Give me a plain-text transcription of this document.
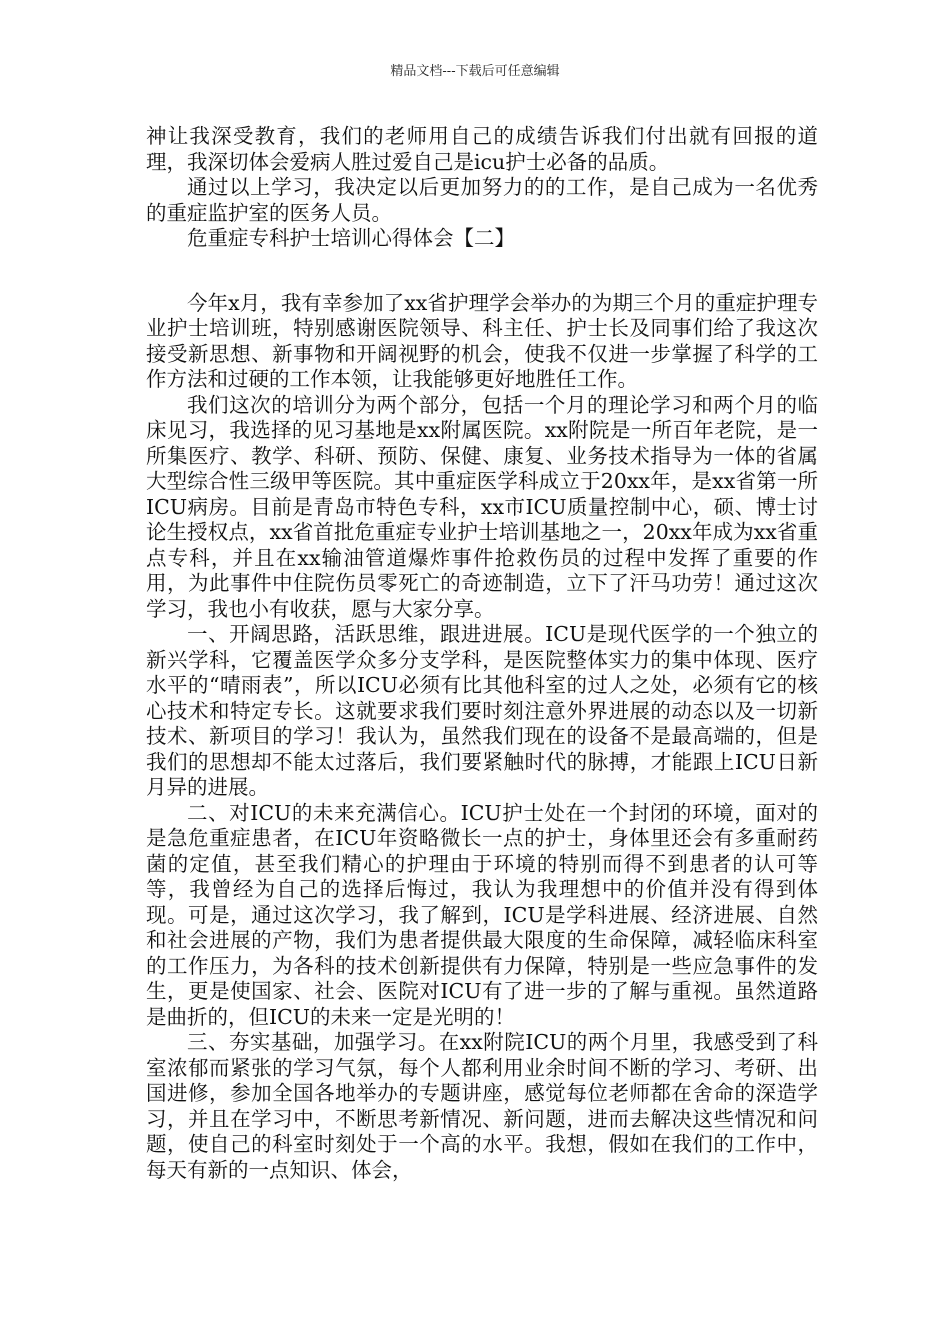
精品文档---下载后可任意编辑

神让我深受教育，我们的老师用自己的成绩告诉我们付出就有回报的道理，我深切体会爱病人胜过爱自己是icu护士必备的品质。

通过以上学习，我决定以后更加努力的的工作，是自己成为一名优秀的重症监护室的医务人员。

危重症专科护士培训心得体会【二】

今年x月，我有幸参加了xx省护理学会举办的为期三个月的重症护理专业护士培训班，特别感谢医院领导、科主任、护士长及同事们给了我这次接受新思想、新事物和开阔视野的机会，使我不仅进一步掌握了科学的工作方法和过硬的工作本领，让我能够更好地胜任工作。

我们这次的培训分为两个部分，包括一个月的理论学习和两个月的临床见习，我选择的见习基地是xx附属医院。xx附院是一所百年老院，是一所集医疗、教学、科研、预防、保健、康复、业务技术指导为一体的省属大型综合性三级甲等医院。其中重症医学科成立于20xx年，是xx省第一所ICU病房。目前是青岛市特色专科，xx市ICU质量控制中心，硕、博士讨论生授权点，xx省首批危重症专业护士培训基地之一，20xx年成为xx省重点专科，并且在xx输油管道爆炸事件抢救伤员的过程中发挥了重要的作用，为此事件中住院伤员零死亡的奇迹制造，立下了汗马功劳！通过这次学习，我也小有收获，愿与大家分享。

一、开阔思路，活跃思维，跟进进展。ICU是现代医学的一个独立的新兴学科，它覆盖医学众多分支学科，是医院整体实力的集中体现、医疗水平的“晴雨表”，所以ICU必须有比其他科室的过人之处，必须有它的核心技术和特定专长。这就要求我们要时刻注意外界进展的动态以及一切新技术、新项目的学习！我认为，虽然我们现在的设备不是最高端的，但是我们的思想却不能太过落后，我们要紧触时代的脉搏，才能跟上ICU日新月异的进展。

二、对ICU的未来充满信心。ICU护士处在一个封闭的环境，面对的是急危重症患者，在ICU年资略微长一点的护士，身体里还会有多重耐药菌的定值，甚至我们精心的护理由于环境的特别而得不到患者的认可等等，我曾经为自己的选择后悔过，我认为我理想中的价值并没有得到体现。可是，通过这次学习，我了解到，ICU是学科进展、经济进展、自然和社会进展的产物，我们为患者提供最大限度的生命保障，减轻临床科室的工作压力，为各科的技术创新提供有力保障，特别是一些应急事件的发生，更是使国家、社会、医院对ICU有了进一步的了解与重视。虽然道路是曲折的，但ICU的未来一定是光明的！

三、夯实基础，加强学习。在xx附院ICU的两个月里，我感受到了科室浓郁而紧张的学习气氛，每个人都利用业余时间不断的学习、考研、出国进修，参加全国各地举办的专题讲座，感觉每位老师都在舍命的深造学习，并且在学习中，不断思考新情况、新问题，进而去解决这些情况和问题，使自己的科室时刻处于一个高的水平。我想，假如在我们的工作中，每天有新的一点知识、体会，
